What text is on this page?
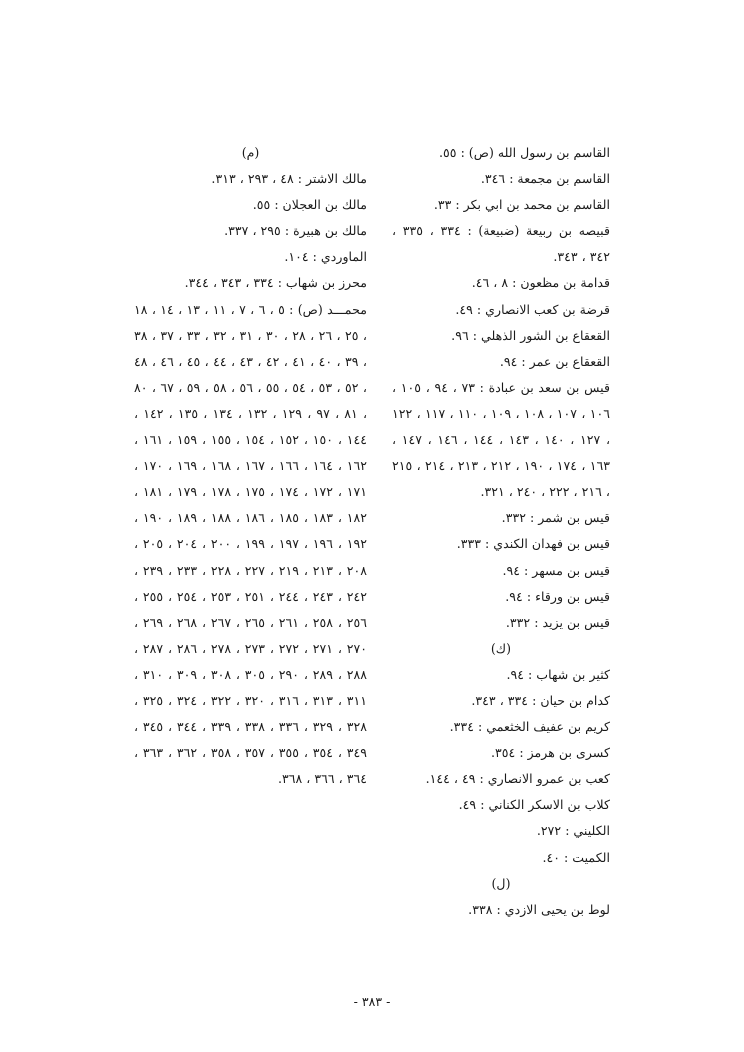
القاسم بن رسول الله (ص) : ٥٥.

القاسم بن مجمعة : ٣٤٦.

القاسم بن محمد بن ابي بكر : ٣٣.

قبيصه بن ربيعة (ضبيعة) : ٣٣٤ ، ٣٣٥ ، ٣٤٢ ، ٣٤٣.

قدامة بن مظعون : ٨ ، ٤٦.

قرضة بن كعب الانصاري : ٤٩.

القعقاع بن الشور الذهلي : ٩٦.

القعقاع بن عمر : ٩٤.

قيس بن سعد بن عبادة : ٧٣ ، ٩٤ ، ١٠٥ ، ١٠٦ ، ١٠٧ ، ١٠٨ ، ١٠٩ ، ١١٠ ، ١١٧ ، ١٢٢ ، ١٢٧ ، ١٤٠ ، ١٤٣ ، ١٤٤ ، ١٤٦ ، ١٤٧ ، ١٦٣ ، ١٧٤ ، ١٩٠ ، ٢١٢ ، ٢١٣ ، ٢١٤ ، ٢١٥ ، ٢١٦ ، ٢٢٢ ، ٢٤٠ ، ٣٢١.

قيس بن شمر : ٣٣٢.

قيس بن فهدان الكندي : ٣٣٣.

قيس بن مسهر : ٩٤.

قيس بن ورقاء : ٩٤.

قيس بن يزيد : ٣٣٢.

(ك)

كثير بن شهاب : ٩٤.

كدام بن حيان : ٣٣٤ ، ٣٤٣.

كريم بن عفيف الخثعمي : ٣٣٤.

كسرى بن هرمز : ٣٥٤.

كعب بن عمرو الانصاري : ٤٩ ، ١٤٤.

كلاب بن الاسكر الكناني : ٤٩.

الكليني : ٢٧٢.

الكميت : ٤٠.

(ل)

لوط بن يحيى الازدي : ٣٣٨.

(م)

مالك الاشتر : ٤٨ ، ٢٩٣ ، ٣١٣.

مالك بن العجلان : ٥٥.

مالك بن هبيرة : ٢٩٥ ، ٣٣٧.

الماوردي : ١٠٤.

محرز بن شهاب : ٣٣٤ ، ٣٤٣ ، ٣٤٤.

محمـــد (ص) : ٥ ، ٦ ، ٧ ، ١١ ، ١٣ ، ١٤ ، ١٨ ، ٢٥ ، ٢٦ ، ٢٨ ، ٣٠ ، ٣١ ، ٣٢ ، ٣٣ ، ٣٧ ، ٣٨ ، ٣٩ ، ٤٠ ، ٤١ ، ٤٢ ، ٤٣ ، ٤٤ ، ٤٥ ، ٤٦ ، ٤٨ ، ٥٢ ، ٥٣ ، ٥٤ ، ٥٥ ، ٥٦ ، ٥٨ ، ٥٩ ، ٦٧ ، ٨٠ ، ٨١ ، ٩٧ ، ١٢٩ ، ١٣٢ ، ١٣٤ ، ١٣٥ ، ١٤٢ ، ١٤٤ ، ١٥٠ ، ١٥٢ ، ١٥٤ ، ١٥٥ ، ١٥٩ ، ١٦١ ، ١٦٢ ، ١٦٤ ، ١٦٦ ، ١٦٧ ، ١٦٨ ، ١٦٩ ، ١٧٠ ، ١٧١ ، ١٧٢ ، ١٧٤ ، ١٧٥ ، ١٧٨ ، ١٧٩ ، ١٨١ ، ١٨٢ ، ١٨٣ ، ١٨٥ ، ١٨٦ ، ١٨٨ ، ١٨٩ ، ١٩٠ ، ١٩٢ ، ١٩٦ ، ١٩٧ ، ١٩٩ ، ٢٠٠ ، ٢٠٤ ، ٢٠٥ ، ٢٠٨ ، ٢١٣ ، ٢١٩ ، ٢٢٧ ، ٢٢٨ ، ٢٣٣ ، ٢٣٩ ، ٢٤٢ ، ٢٤٣ ، ٢٤٤ ، ٢٥١ ، ٢٥٣ ، ٢٥٤ ، ٢٥٥ ، ٢٥٦ ، ٢٥٨ ، ٢٦١ ، ٢٦٥ ، ٢٦٧ ، ٢٦٨ ، ٢٦٩ ، ٢٧٠ ، ٢٧١ ، ٢٧٢ ، ٢٧٣ ، ٢٧٨ ، ٢٨٦ ، ٢٨٧ ، ٢٨٨ ، ٢٨٩ ، ٢٩٠ ، ٣٠٥ ، ٣٠٨ ، ٣٠٩ ، ٣١٠ ، ٣١١ ، ٣١٣ ، ٣١٦ ، ٣٢٠ ، ٣٢٢ ، ٣٢٤ ، ٣٢٥ ، ٣٢٨ ، ٣٢٩ ، ٣٣٦ ، ٣٣٨ ، ٣٣٩ ، ٣٤٤ ، ٣٤٥ ، ٣٤٩ ، ٣٥٤ ، ٣٥٥ ، ٣٥٧ ، ٣٥٨ ، ٣٦٢ ، ٣٦٣ ، ٣٦٤ ، ٣٦٦ ، ٣٦٨.

- ٣٨٣ -
